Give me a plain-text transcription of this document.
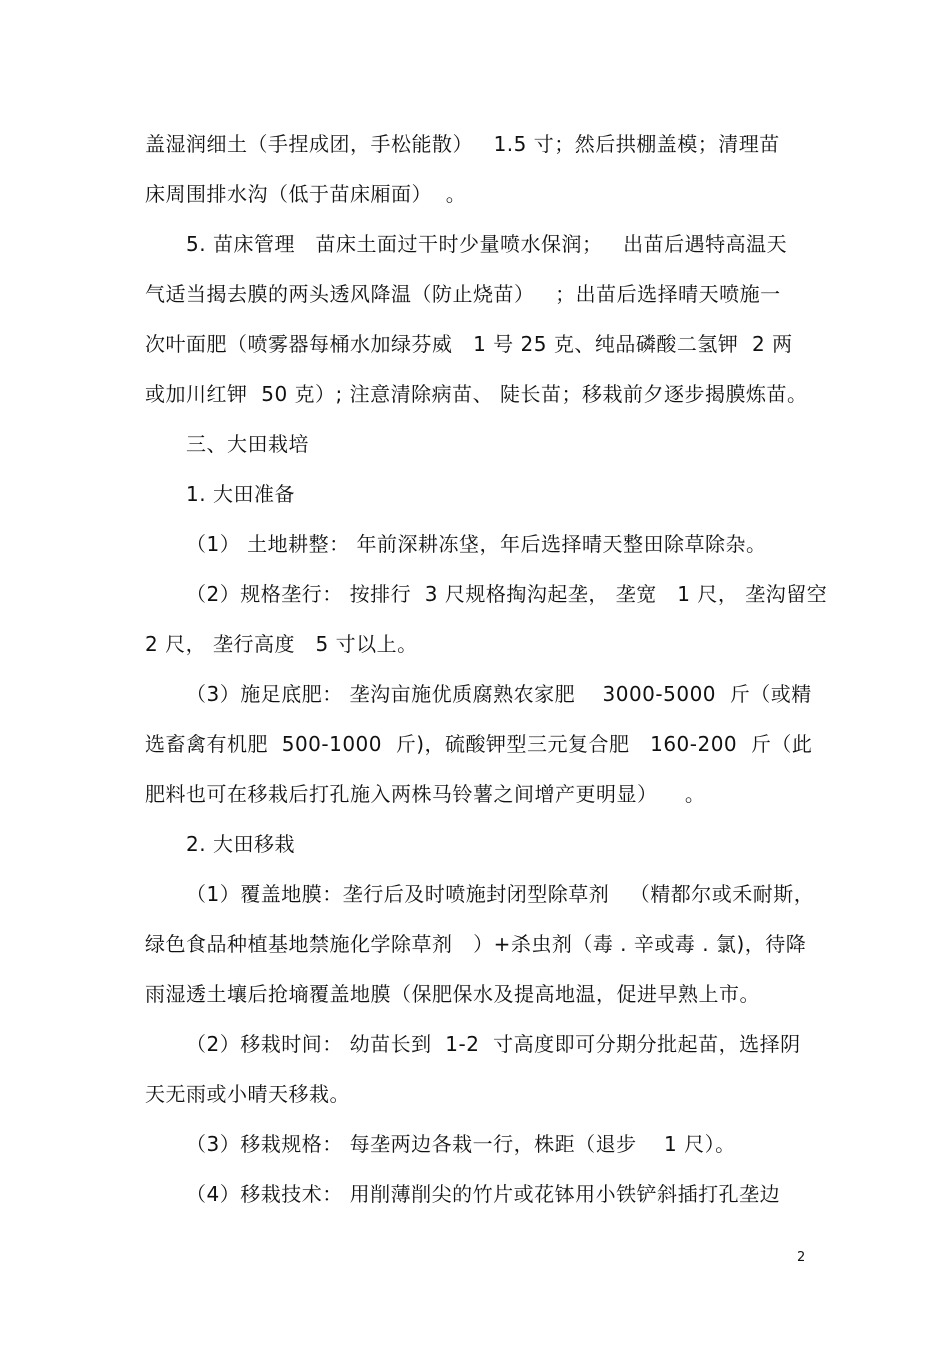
盖湿润细土（手捏成团，手松能散）   1.5 寸；然后拱棚盖模；清理苗
床周围排水沟（低于苗床厢面）  。
5. 苗床管理   苗床土面过干时少量喷水保润；   出苗后遇特高温天
气适当揭去膜的两头透风降温（防止烧苗）   ；出苗后选择晴天喷施一
次叶面肥（喷雾器每桶水加绿芬威   1 号 25 克、纯品磷酸二氢钾  2 两
或加川红钾  50 克）; 注意清除病苗、 陡长苗；移栽前夕逐步揭膜炼苗。
三、大田栽培
1. 大田准备
（1） 土地耕整： 年前深耕冻垡，年后选择晴天整田除草除杂。
（2）规格垄行： 按排行  3 尺规格掏沟起垄， 垄宽   1 尺， 垄沟留空
2 尺， 垄行高度   5 寸以上。
（3）施足底肥： 垄沟亩施优质腐熟农家肥    3000-5000  斤（或精
选畜禽有机肥  500-1000  斤)，硫酸钾型三元复合肥   160-200  斤（此
肥料也可在移栽后打孔施入两株马铃薯之间增产更明显）    。
2. 大田移栽
（1）覆盖地膜：垄行后及时喷施封闭型除草剂   （精都尔或禾耐斯，
绿色食品种植基地禁施化学除草剂   ）+杀虫剂（毒 . 辛或毒 . 氯)，待降
雨湿透土壤后抢墒覆盖地膜（保肥保水及提高地温，促进早熟上市。
（2）移栽时间： 幼苗长到  1-2  寸高度即可分期分批起苗，选择阴
天无雨或小晴天移栽。
（3）移栽规格： 每垄两边各栽一行，株距（退步    1 尺）。
（4）移栽技术： 用削薄削尖的竹片或花钵用小铁铲斜插打孔垄边
2
